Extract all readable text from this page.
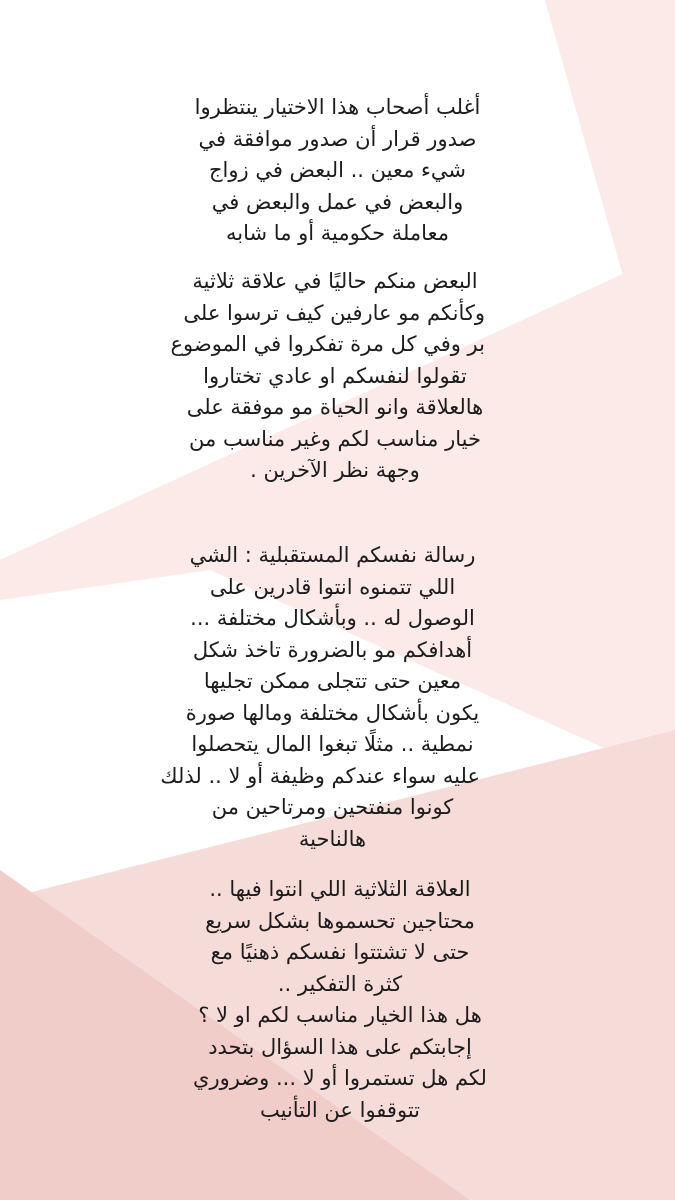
أغلب أصحاب هذا الاختيار ينتظروا
صدور قرار أن صدور موافقة في
شيء معين .. البعض في زواج
والبعض في عمل والبعض في
معاملة حكومية أو ما شابه

البعض منكم حاليًا في علاقة ثلاثية
وكأنكم مو عارفين كيف ترسوا على
بر وفي كل مرة تفكروا في الموضوع
تقولوا لنفسكم او عادي تختاروا
هالعلاقة وانو الحياة مو موفقة على
خيار مناسب لكم وغير مناسب من
وجهة نظر الآخرين .

رسالة نفسكم المستقبلية : الشي
اللي تتمنوه انتوا قادرين على
الوصول له .. وبأشكال مختلفة ...
أهدافكم مو بالضرورة تاخذ شكل
معين حتى تتجلى ممكن تجليها
يكون بأشكال مختلفة ومالها صورة
نمطية .. مثلًا تبغوا المال يتحصلوا
عليه سواء عندكم وظيفة أو لا .. لذلك
كونوا منفتحين ومرتاحين من
هالناحية

العلاقة الثلاثية اللي انتوا فيها ..
محتاجين تحسموها بشكل سريع
حتى لا تشتتوا نفسكم ذهنيًا مع
كثرة التفكير ..
هل هذا الخيار مناسب لكم او لا ؟
إجابتكم على هذا السؤال بتحدد
لكم هل تستمروا أو لا ... وضروري
تتوقفوا عن التأنيب
